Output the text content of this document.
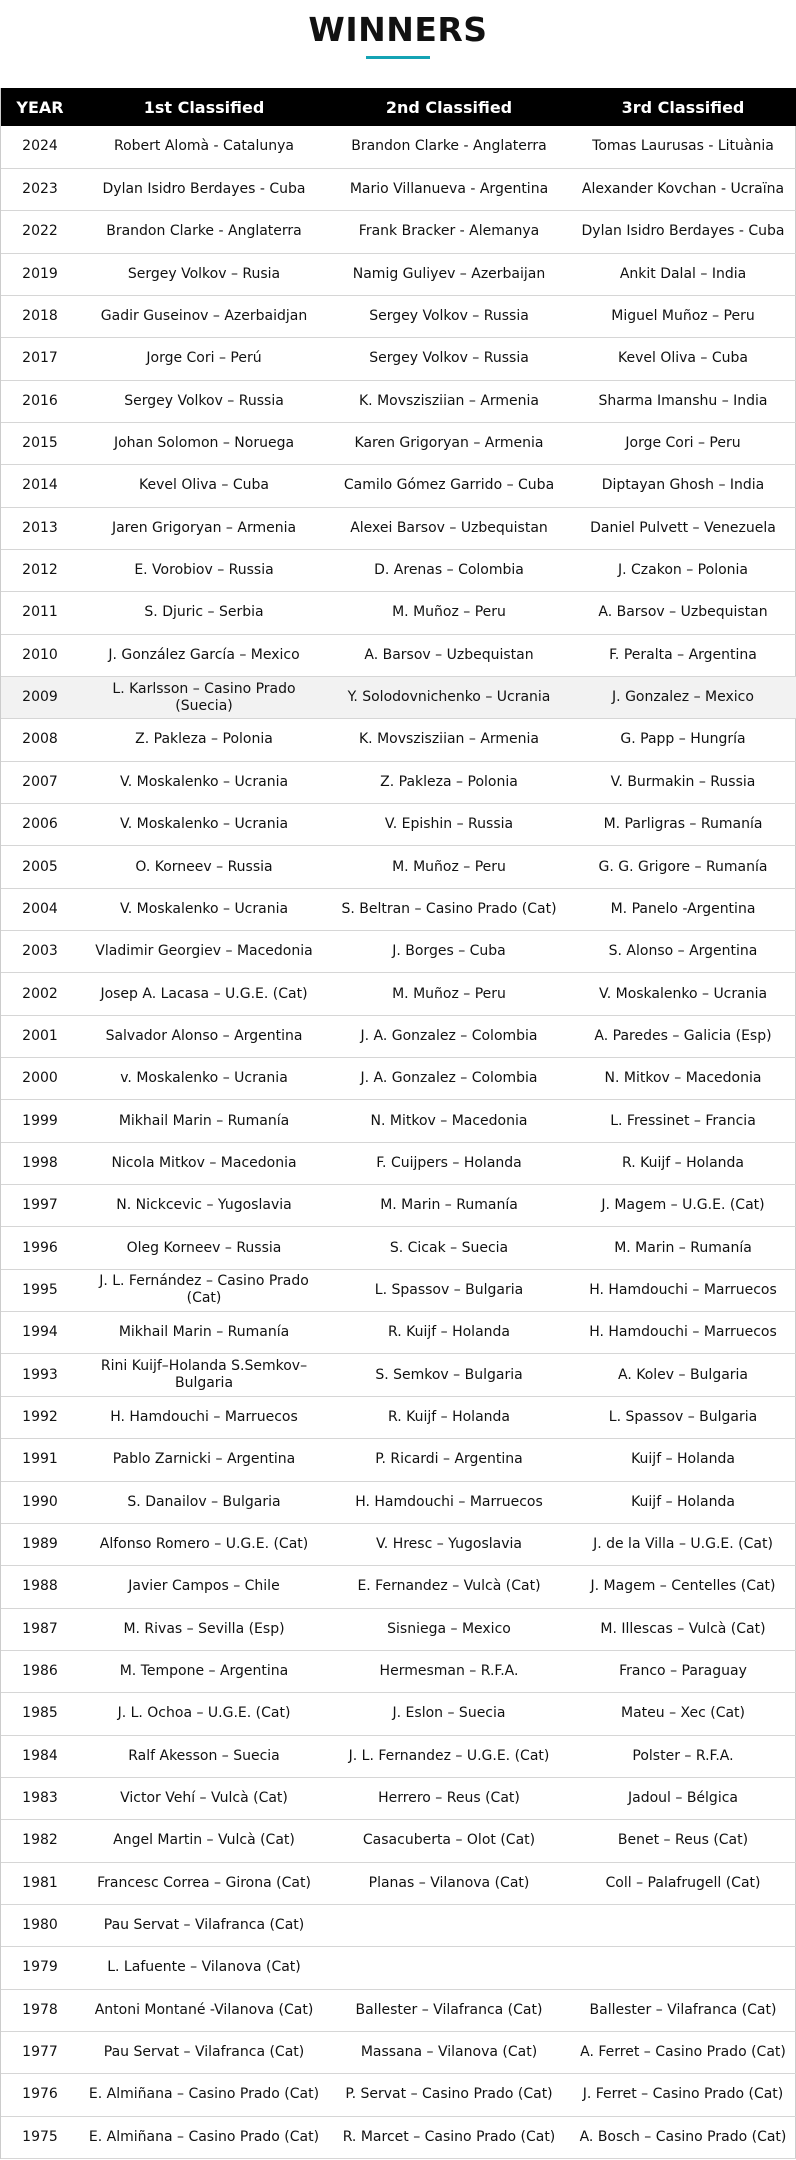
WINNERS
YEAR	1st Classified	2nd Classified	3rd Classified
2024	Robert Alomà - Catalunya	Brandon Clarke - Anglaterra	Tomas Laurusas - Lituània
2023	Dylan Isidro Berdayes - Cuba	Mario Villanueva - Argentina	Alexander Kovchan - Ucraïna
2022	Brandon Clarke - Anglaterra	Frank Bracker - Alemanya	Dylan Isidro Berdayes - Cuba
2019	Sergey Volkov – Rusia	Namig Guliyev – Azerbaijan	Ankit Dalal – India
2018	Gadir Guseinov – Azerbaidjan	Sergey Volkov – Russia	Miguel Muñoz – Peru
2017	Jorge Cori – Perú	Sergey Volkov – Russia	Kevel Oliva – Cuba
2016	Sergey Volkov – Russia	K. Movszisziian – Armenia	Sharma Imanshu – India
2015	Johan Solomon – Noruega	Karen Grigoryan – Armenia	Jorge Cori – Peru
2014	Kevel Oliva – Cuba	Camilo Gómez Garrido – Cuba	Diptayan Ghosh – India
2013	Jaren Grigoryan – Armenia	Alexei Barsov – Uzbequistan	Daniel Pulvett – Venezuela
2012	E. Vorobiov – Russia	D. Arenas – Colombia	J. Czakon – Polonia
2011	S. Djuric – Serbia	M. Muñoz – Peru	A. Barsov – Uzbequistan
2010	J. González García – Mexico	A. Barsov – Uzbequistan	F. Peralta – Argentina
2009	L. Karlsson – Casino Prado (Suecia)	Y. Solodovnichenko – Ucrania	J. Gonzalez – Mexico
2008	Z. Pakleza – Polonia	K. Movszisziian – Armenia	G. Papp – Hungría
2007	V. Moskalenko – Ucrania	Z. Pakleza – Polonia	V. Burmakin – Russia
2006	V. Moskalenko – Ucrania	V. Epishin – Russia	M. Parligras – Rumanía
2005	O. Korneev – Russia	M. Muñoz – Peru	G. G. Grigore – Rumanía
2004	V. Moskalenko – Ucrania	S. Beltran – Casino Prado (Cat)	M. Panelo -Argentina
2003	Vladimir Georgiev – Macedonia	J. Borges – Cuba	S. Alonso – Argentina
2002	Josep A. Lacasa – U.G.E. (Cat)	M. Muñoz – Peru	V. Moskalenko – Ucrania
2001	Salvador Alonso – Argentina	J. A. Gonzalez – Colombia	A. Paredes – Galicia (Esp)
2000	v. Moskalenko – Ucrania	J. A. Gonzalez – Colombia	N. Mitkov – Macedonia
1999	Mikhail Marin – Rumanía	N. Mitkov – Macedonia	L. Fressinet – Francia
1998	Nicola Mitkov – Macedonia	F. Cuijpers – Holanda	R. Kuijf – Holanda
1997	N. Nickcevic – Yugoslavia	M. Marin – Rumanía	J. Magem – U.G.E. (Cat)
1996	Oleg Korneev – Russia	S. Cicak – Suecia	M. Marin – Rumanía
1995	J. L. Fernández – Casino Prado (Cat)	L. Spassov – Bulgaria	H. Hamdouchi – Marruecos
1994	Mikhail Marin – Rumanía	R. Kuijf – Holanda	H. Hamdouchi – Marruecos
1993	Rini Kuijf–Holanda S.Semkov–Bulgaria	S. Semkov – Bulgaria	A. Kolev – Bulgaria
1992	H. Hamdouchi – Marruecos	R. Kuijf – Holanda	L. Spassov – Bulgaria
1991	Pablo Zarnicki – Argentina	P. Ricardi – Argentina	Kuijf – Holanda
1990	S. Danailov – Bulgaria	H. Hamdouchi – Marruecos	Kuijf – Holanda
1989	Alfonso Romero – U.G.E. (Cat)	V. Hresc – Yugoslavia	J. de la Villa – U.G.E. (Cat)
1988	Javier Campos – Chile	E. Fernandez – Vulcà (Cat)	J. Magem – Centelles (Cat)
1987	M. Rivas – Sevilla (Esp)	Sisniega – Mexico	M. Illescas – Vulcà (Cat)
1986	M. Tempone – Argentina	Hermesman – R.F.A.	Franco – Paraguay
1985	J. L. Ochoa – U.G.E. (Cat)	J. Eslon – Suecia	Mateu – Xec (Cat)
1984	Ralf Akesson – Suecia	J. L. Fernandez – U.G.E. (Cat)	Polster – R.F.A.
1983	Victor Vehí – Vulcà (Cat)	Herrero – Reus (Cat)	Jadoul – Bélgica
1982	Angel Martin – Vulcà (Cat)	Casacuberta – Olot (Cat)	Benet – Reus (Cat)
1981	Francesc Correa – Girona (Cat)	Planas – Vilanova (Cat)	Coll – Palafrugell (Cat)
1980	Pau Servat – Vilafranca (Cat)		
1979	L. Lafuente – Vilanova (Cat)		
1978	Antoni Montané -Vilanova (Cat)	Ballester – Vilafranca (Cat)	Ballester – Vilafranca (Cat)
1977	Pau Servat – Vilafranca (Cat)	Massana – Vilanova (Cat)	A. Ferret – Casino Prado (Cat)
1976	E. Almiñana – Casino Prado (Cat)	P. Servat – Casino Prado (Cat)	J. Ferret – Casino Prado (Cat)
1975	E. Almiñana – Casino Prado (Cat)	R. Marcet – Casino Prado (Cat)	A. Bosch – Casino Prado (Cat)
